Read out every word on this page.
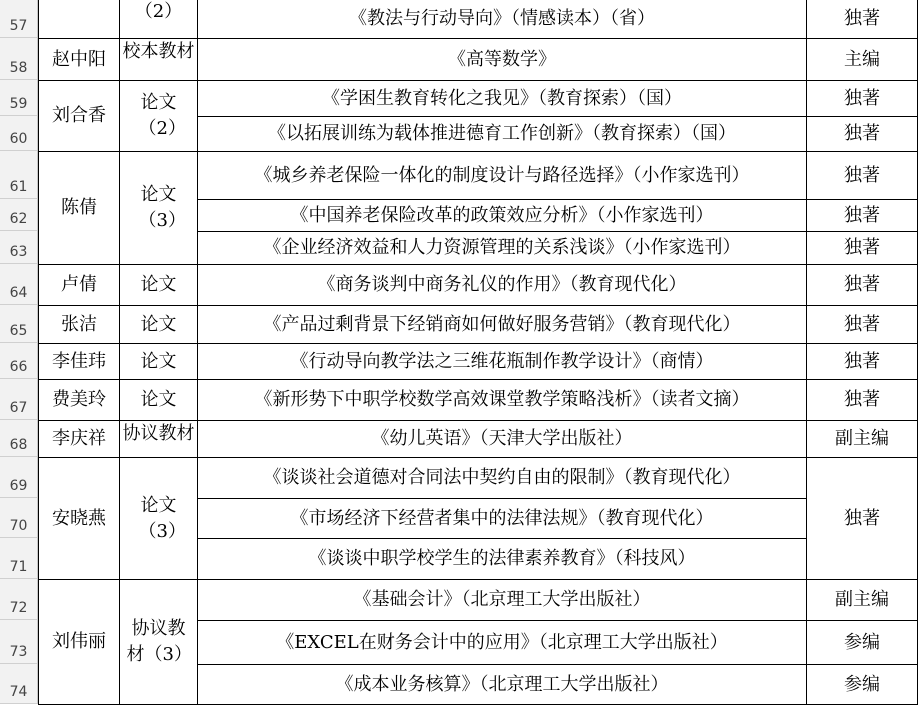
57
58
59
60
61
62
63
64
65
66
67
68
69
70
71
72
73
74
	（2）	《教法与行动导向》（情感读本）（省）	独著
赵中阳	校本教材	《高等数学》	主编
刘合香	论文（2）	《学困生教育转化之我见》（教育探索）（国）	独著
		《以拓展训练为载体推进德育工作创新》（教育探索）（国）	独著
陈倩	论文（3）	《城乡养老保险一体化的制度设计与路径选择》（小作家选刊）	独著
		《中国养老保险改革的政策效应分析》（小作家选刊）	独著
		《企业经济效益和人力资源管理的关系浅谈》（小作家选刊）	独著
卢倩	论文	《商务谈判中商务礼仪的作用》（教育现代化）	独著
张洁	论文	《产品过剩背景下经销商如何做好服务营销》（教育现代化）	独著
李佳玮	论文	《行动导向教学法之三维花瓶制作教学设计》（商情）	独著
费美玲	论文	《新形势下中职学校数学高效课堂教学策略浅析》（读者文摘）	独著
李庆祥	协议教材	《幼儿英语》（天津大学出版社）	副主编
安晓燕	论文（3）	《谈谈社会道德对合同法中契约自由的限制》（教育现代化）	独著
		《市场经济下经营者集中的法律法规》（教育现代化）	
		《谈谈中职学校学生的法律素养教育》（科技风）	
刘伟丽	协议教材（3）	《基础会计》（北京理工大学出版社）	副主编
		《EXCEL在财务会计中的应用》（北京理工大学出版社）	参编
		《成本业务核算》（北京理工大学出版社）	参编
